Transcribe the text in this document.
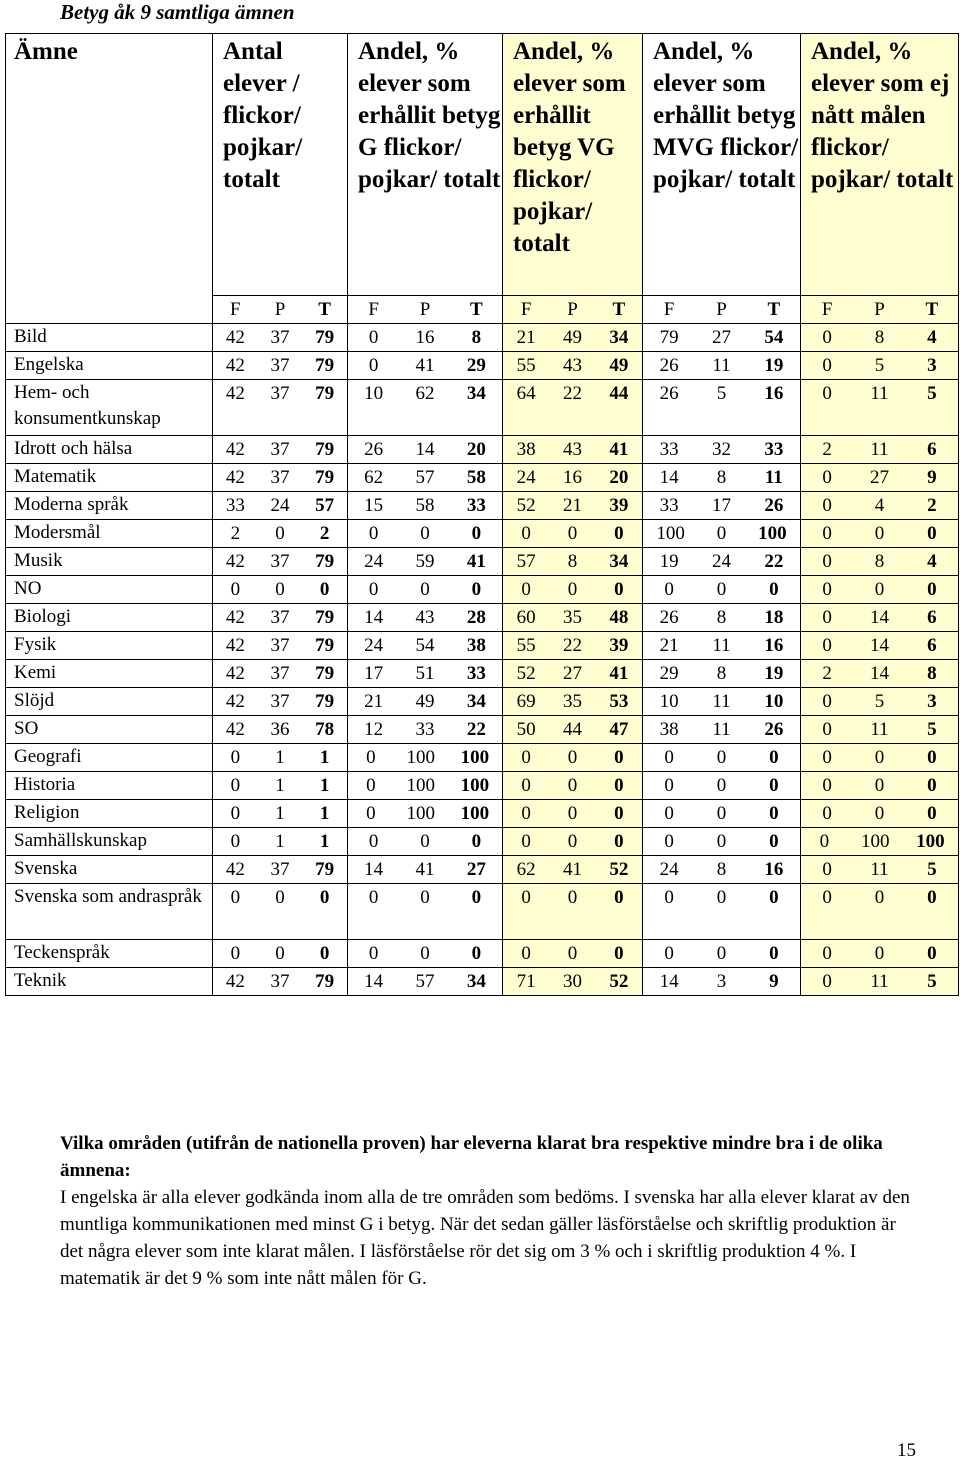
Betyg åk 9 samtliga ämnen
Ämne	Antal elever / flickor/ pojkar/ totalt	Andel, % elever som erhållit betyg G flickor/ pojkar/ totalt	Andel, % elever som erhållit betyg VG flickor/ pojkar/ totalt	Andel, % elever som erhållit betyg MVG flickor/ pojkar/ totalt	Andel, % elever som ej nått målen flickor/ pojkar/ totalt

	F P T	F P T	F P T	F P T	F P T

Bild	42 37 79	0 16 8	21 49 34	79 27 54	0 8 4

Engelska	42 37 79	0 41 29	55 43 49	26 11 19	0 5 3

Hem- och konsumentkunskap	42 37 79	10 62 34	64 22 44	26 5 16	0 11 5

Idrott och hälsa	42 37 79	26 14 20	38 43 41	33 32 33	2 11 6

Matematik	42 37 79	62 57 58	24 16 20	14 8 11	0 27 9

Moderna språk	33 24 57	15 58 33	52 21 39	33 17 26	0 4 2

Modersmål	2 0 2	0 0 0	0 0 0	100 0 100	0 0 0

Musik	42 37 79	24 59 41	57 8 34	19 24 22	0 8 4

NO	0 0 0	0 0 0	0 0 0	0 0 0	0 0 0

Biologi	42 37 79	14 43 28	60 35 48	26 8 18	0 14 6

Fysik	42 37 79	24 54 38	55 22 39	21 11 16	0 14 6

Kemi	42 37 79	17 51 33	52 27 41	29 8 19	2 14 8

Slöjd	42 37 79	21 49 34	69 35 53	10 11 10	0 5 3

SO	42 36 78	12 33 22	50 44 47	38 11 26	0 11 5

Geografi	0 1 1	0 100 100	0 0 0	0 0 0	0 0 0

Historia	0 1 1	0 100 100	0 0 0	0 0 0	0 0 0

Religion	0 1 1	0 100 100	0 0 0	0 0 0	0 0 0

Samhällskunskap	0 1 1	0 0 0	0 0 0	0 0 0	0 100 100

Svenska	42 37 79	14 41 27	62 41 52	24 8 16	0 11 5

Svenska som andraspråk	0 0 0	0 0 0	0 0 0	0 0 0	0 0 0

Teckenspråk	0 0 0	0 0 0	0 0 0	0 0 0	0 0 0

Teknik	42 37 79	14 57 34	71 30 52	14 3 9	0 11 5
Vilka områden (utifrån de nationella proven) har eleverna klarat bra respektive mindre bra i de olika ämnena:
I engelska är alla elever godkända inom alla de tre områden som bedöms. I svenska har alla elever klarat av den muntliga kommunikationen med minst G i betyg. När det sedan gäller läsförståelse och skriftlig produktion är det några elever som inte klarat målen. I läsförståelse rör det sig om 3 % och i skriftlig produktion 4 %. I matematik är det 9 % som inte nått målen för G.
15
